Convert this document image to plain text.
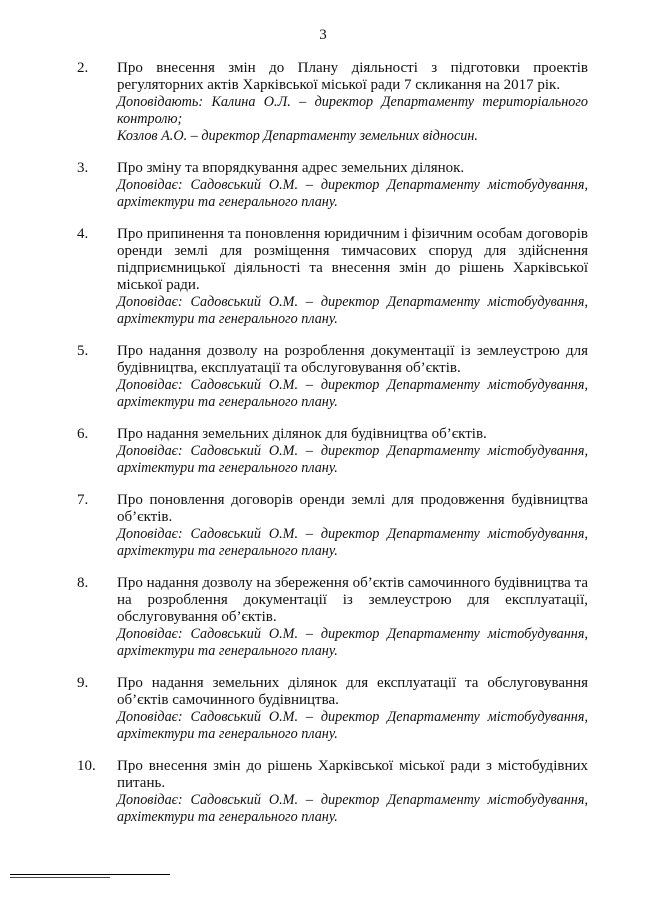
3
2. Про внесення змін до Плану діяльності з підготовки проектів регуляторних актів Харківської міської ради 7 скликання на 2017 рік.
Доповідають: Калина О.Л. – директор Департаменту територіального контролю;
Козлов А.О. – директор Департаменту земельних відносин.
3. Про зміну та впорядкування адрес земельних ділянок.
Доповідає: Садовський О.М. – директор Департаменту містобудування, архітектури та генерального плану.
4. Про припинення та поновлення юридичним і фізичним особам договорів оренди землі для розміщення тимчасових споруд для здійснення підприємницької діяльності та внесення змін до рішень Харківської міської ради.
Доповідає: Садовський О.М. – директор Департаменту містобудування, архітектури та генерального плану.
5. Про надання дозволу на розроблення документації із землеустрою для будівництва, експлуатації та обслуговування об’єктів.
Доповідає: Садовський О.М. – директор Департаменту містобудування, архітектури та генерального плану.
6. Про надання земельних ділянок для будівництва об’єктів.
Доповідає: Садовський О.М. – директор Департаменту містобудування, архітектури та генерального плану.
7. Про поновлення договорів оренди землі для продовження будівництва об’єктів.
Доповідає: Садовський О.М. – директор Департаменту містобудування, архітектури та генерального плану.
8. Про надання дозволу на збереження об’єктів самочинного будівництва та на розроблення документації із землеустрою для експлуатації, обслуговування об’єктів.
Доповідає: Садовський О.М. – директор Департаменту містобудування, архітектури та генерального плану.
9. Про надання земельних ділянок для експлуатації та обслуговування об’єктів самочинного будівництва.
Доповідає: Садовський О.М. – директор Департаменту містобудування, архітектури та генерального плану.
10. Про внесення змін до рішень Харківської міської ради з містобудівних питань.
Доповідає: Садовський О.М. – директор Департаменту містобудування, архітектури та генерального плану.
